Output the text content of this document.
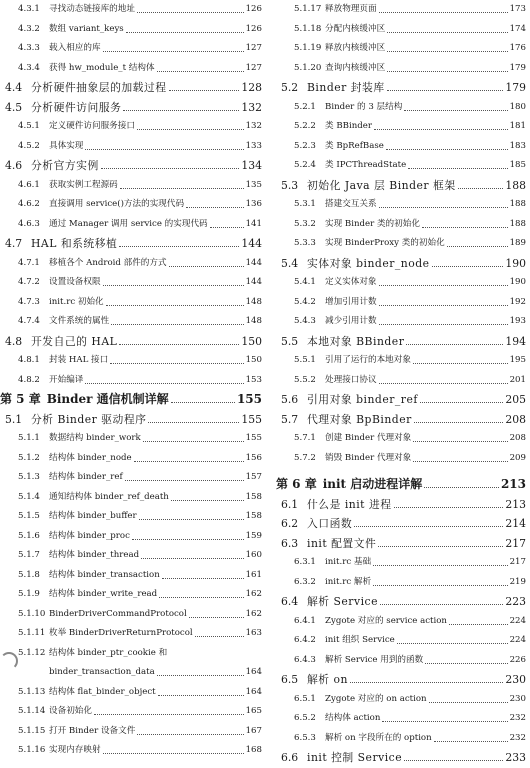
4.3.1	寻找动态链接库的地址	126
4.3.2	数组 variant_keys	126
4.3.3	载入相应的库	127
4.3.4	获得 hw_module_t 结构体	127
4.4 分析硬件抽象层的加载过程	128
4.5 分析硬件访问服务	132
4.5.1	定义硬件访问服务接口	132
4.5.2	具体实现	133
4.6 分析官方实例	134
4.6.1	获取实例工程源码	135
4.6.2	直接调用 service()方法的实现代码	136
4.6.3	通过 Manager 调用 service 的实现代码	141
4.7 HAL 和系统移植	144
4.7.1	移植各个 Android 部件的方式	144
4.7.2	设置设备权限	144
4.7.3	init.rc 初始化	148
4.7.4	文件系统的属性	148
4.8 开发自己的 HAL	150
4.8.1	封装 HAL 接口	150
4.8.2	开始编译	153
第 5 章 Binder 通信机制详解	155
5.1 分析 Binder 驱动程序	155
5.1.1	数据结构 binder_work	155
5.1.2	结构体 binder_node	156
5.1.3	结构体 binder_ref	157
5.1.4	通知结构体 binder_ref_death	158
5.1.5	结构体 binder_buffer	158
5.1.6	结构体 binder_proc	159
5.1.7	结构体 binder_thread	160
5.1.8	结构体 binder_transaction	161
5.1.9	结构体 binder_write_read	162
5.1.10 BinderDriverCommandProtocol	162
5.1.11 枚举 BinderDriverReturnProtocol	163
5.1.12 结构体 binder_ptr_cookie 和
binder_transaction_data	164
5.1.13 结构体 flat_binder_object	164
5.1.14 设备初始化	165
5.1.15 打开 Binder 设备文件	167
5.1.16 实现内存映射	168
5.1.17 释放物理页面	173
5.1.18 分配内核缓冲区	174
5.1.19 释放内核缓冲区	176
5.1.20 查询内核缓冲区	179
5.2 Binder 封装库	179
5.2.1	Binder 的 3 层结构	180
5.2.2	类 BBinder	181
5.2.3	类 BpRefBase	183
5.2.4	类 IPCThreadState	185
5.3 初始化 Java 层 Binder 框架	188
5.3.1	搭建交互关系	188
5.3.2	实现 Binder 类的初始化	188
5.3.3	实现 BinderProxy 类的初始化	189
5.4 实体对象 binder_node	190
5.4.1	定义实体对象	190
5.4.2	增加引用计数	192
5.4.3	减少引用计数	193
5.5 本地对象 BBinder	194
5.5.1	引用了运行的本地对象	195
5.5.2	处理接口协议	201
5.6 引用对象 binder_ref	205
5.7 代理对象 BpBinder	208
5.7.1	创建 Binder 代理对象	208
5.7.2	销毁 Binder 代理对象	209
第 6 章 init 启动进程详解	213
6.1 什么是 init 进程	213
6.2 入口函数	214
6.3 init 配置文件	217
6.3.1	init.rc 基础	217
6.3.2	init.rc 解析	219
6.4 解析 Service	223
6.4.1	Zygote 对应的 service action	224
6.4.2	init 组织 Service	224
6.4.3	解析 Service 用到的函数	226
6.5 解析 on	230
6.5.1	Zygote 对应的 on action	230
6.5.2	结构体 action	232
6.5.3	解析 on 字段所在的 option	232
6.6 init 控制 Service	233
